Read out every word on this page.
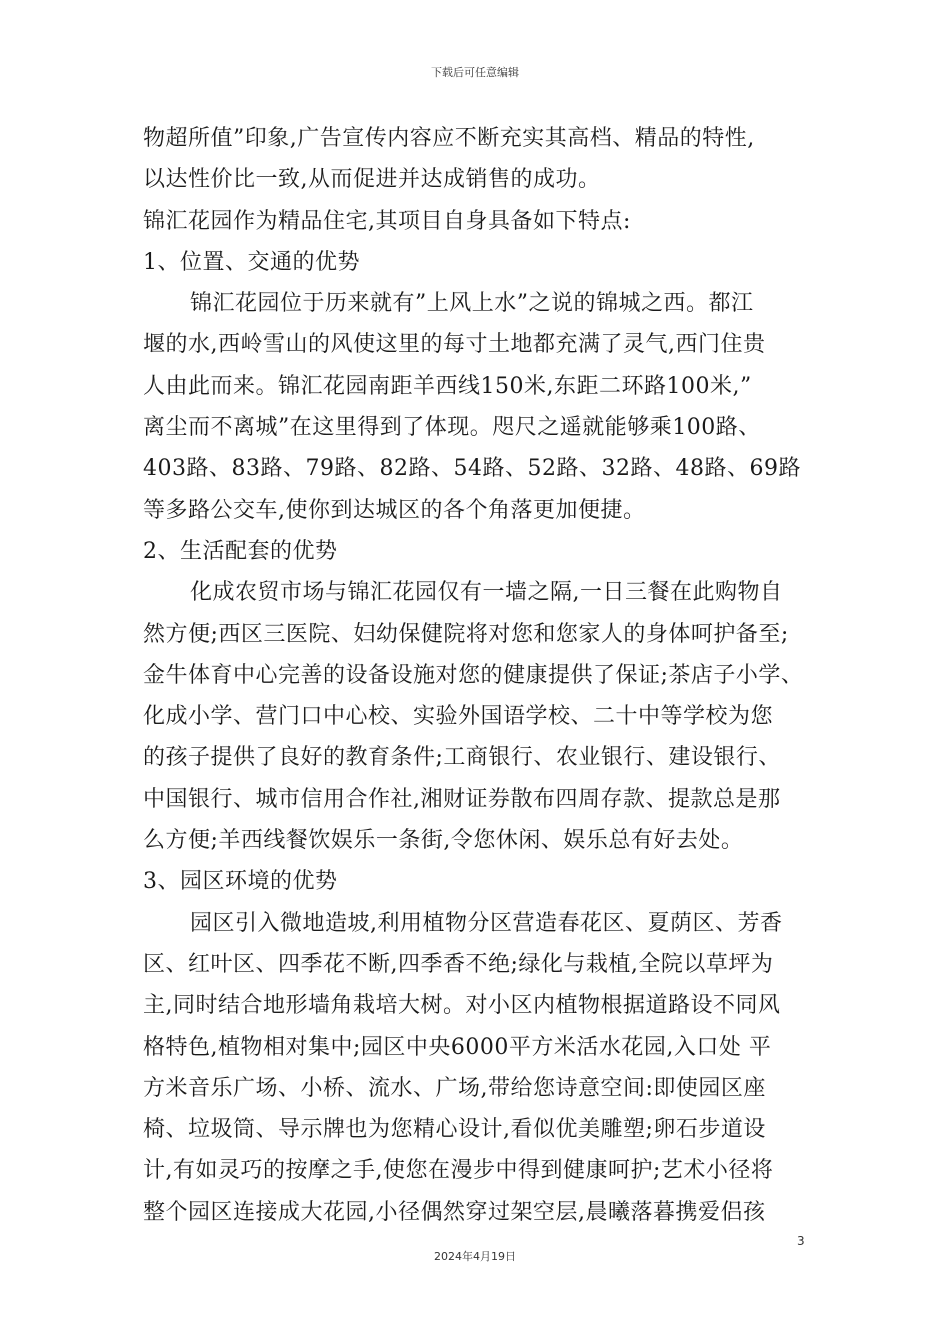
下载后可任意编辑
物超所值”印象,广告宣传内容应不断充实其高档、精品的特性,
以达性价比一致,从而促进并达成销售的成功。
锦汇花园作为精品住宅,其项目自身具备如下特点:
1、位置、交通的优势
锦汇花园位于历来就有”上风上水”之说的锦城之西。都江
堰的水,西岭雪山的风使这里的每寸土地都充满了灵气,西门住贵
人由此而来。锦汇花园南距羊西线150米,东距二环路100米,”
离尘而不离城”在这里得到了体现。咫尺之遥就能够乘100路、
403路、83路、79路、82路、54路、52路、32路、48路、69路
等多路公交车,使你到达城区的各个角落更加便捷。
2、生活配套的优势
化成农贸市场与锦汇花园仅有一墙之隔,一日三餐在此购物自
然方便;西区三医院、妇幼保健院将对您和您家人的身体呵护备至;
金牛体育中心完善的设备设施对您的健康提供了保证;茶店子小学、
化成小学、营门口中心校、实验外国语学校、二十中等学校为您
的孩子提供了良好的教育条件;工商银行、农业银行、建设银行、
中国银行、城市信用合作社,湘财证券散布四周存款、提款总是那
么方便;羊西线餐饮娱乐一条街,令您休闲、娱乐总有好去处。
3、园区环境的优势
园区引入微地造坡,利用植物分区营造春花区、夏荫区、芳香
区、红叶区、四季花不断,四季香不绝;绿化与栽植,全院以草坪为
主,同时结合地形墙角栽培大树。对小区内植物根据道路设不同风
格特色,植物相对集中;园区中央6000平方米活水花园,入口处 平
方米音乐广场、小桥、流水、广场,带给您诗意空间:即使园区座
椅、垃圾筒、导示牌也为您精心设计,看似优美雕塑;卵石步道设
计,有如灵巧的按摩之手,使您在漫步中得到健康呵护;艺术小径将
整个园区连接成大花园,小径偶然穿过架空层,晨曦落暮携爱侣孩
3
2024年4月19日
